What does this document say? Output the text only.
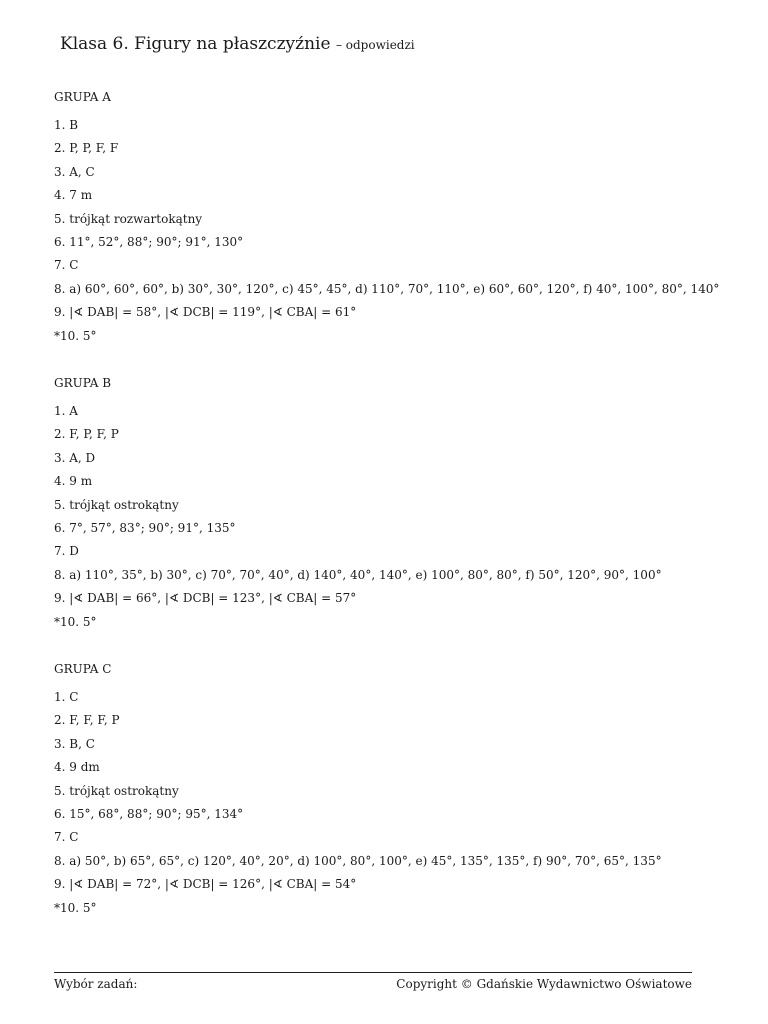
Klasa 6. Figury na płaszczyźnie – odpowiedzi
GRUPA A
1. B
2. P, P, F, F
3. A, C
4. 7 m
5. trójkąt rozwartokątny
6. 11°, 52°, 88°; 90°; 91°, 130°
7. C
8. a) 60°, 60°, 60°, b) 30°, 30°, 120°, c) 45°, 45°, d) 110°, 70°, 110°, e) 60°, 60°, 120°, f) 40°, 100°, 80°, 140°
9. |∢ DAB| = 58°, |∢ DCB| = 119°, |∢ CBA| = 61°
*10. 5°
GRUPA B
1. A
2. F, P, F, P
3. A, D
4. 9 m
5. trójkąt ostrokątny
6. 7°, 57°, 83°; 90°; 91°, 135°
7. D
8. a) 110°, 35°, b) 30°, c) 70°, 70°, 40°, d) 140°, 40°, 140°, e) 100°, 80°, 80°, f) 50°, 120°, 90°, 100°
9. |∢ DAB| = 66°, |∢ DCB| = 123°, |∢ CBA| = 57°
*10. 5°
GRUPA C
1. C
2. F, F, F, P
3. B, C
4. 9 dm
5. trójkąt ostrokątny
6. 15°, 68°, 88°; 90°; 95°, 134°
7. C
8. a) 50°, b) 65°, 65°, c) 120°, 40°, 20°, d) 100°, 80°, 100°, e) 45°, 135°, 135°, f) 90°, 70°, 65°, 135°
9. |∢ DAB| = 72°, |∢ DCB| = 126°, |∢ CBA| = 54°
*10. 5°
Wybór zadań:	Copyright © Gdańskie Wydawnictwo Oświatowe
